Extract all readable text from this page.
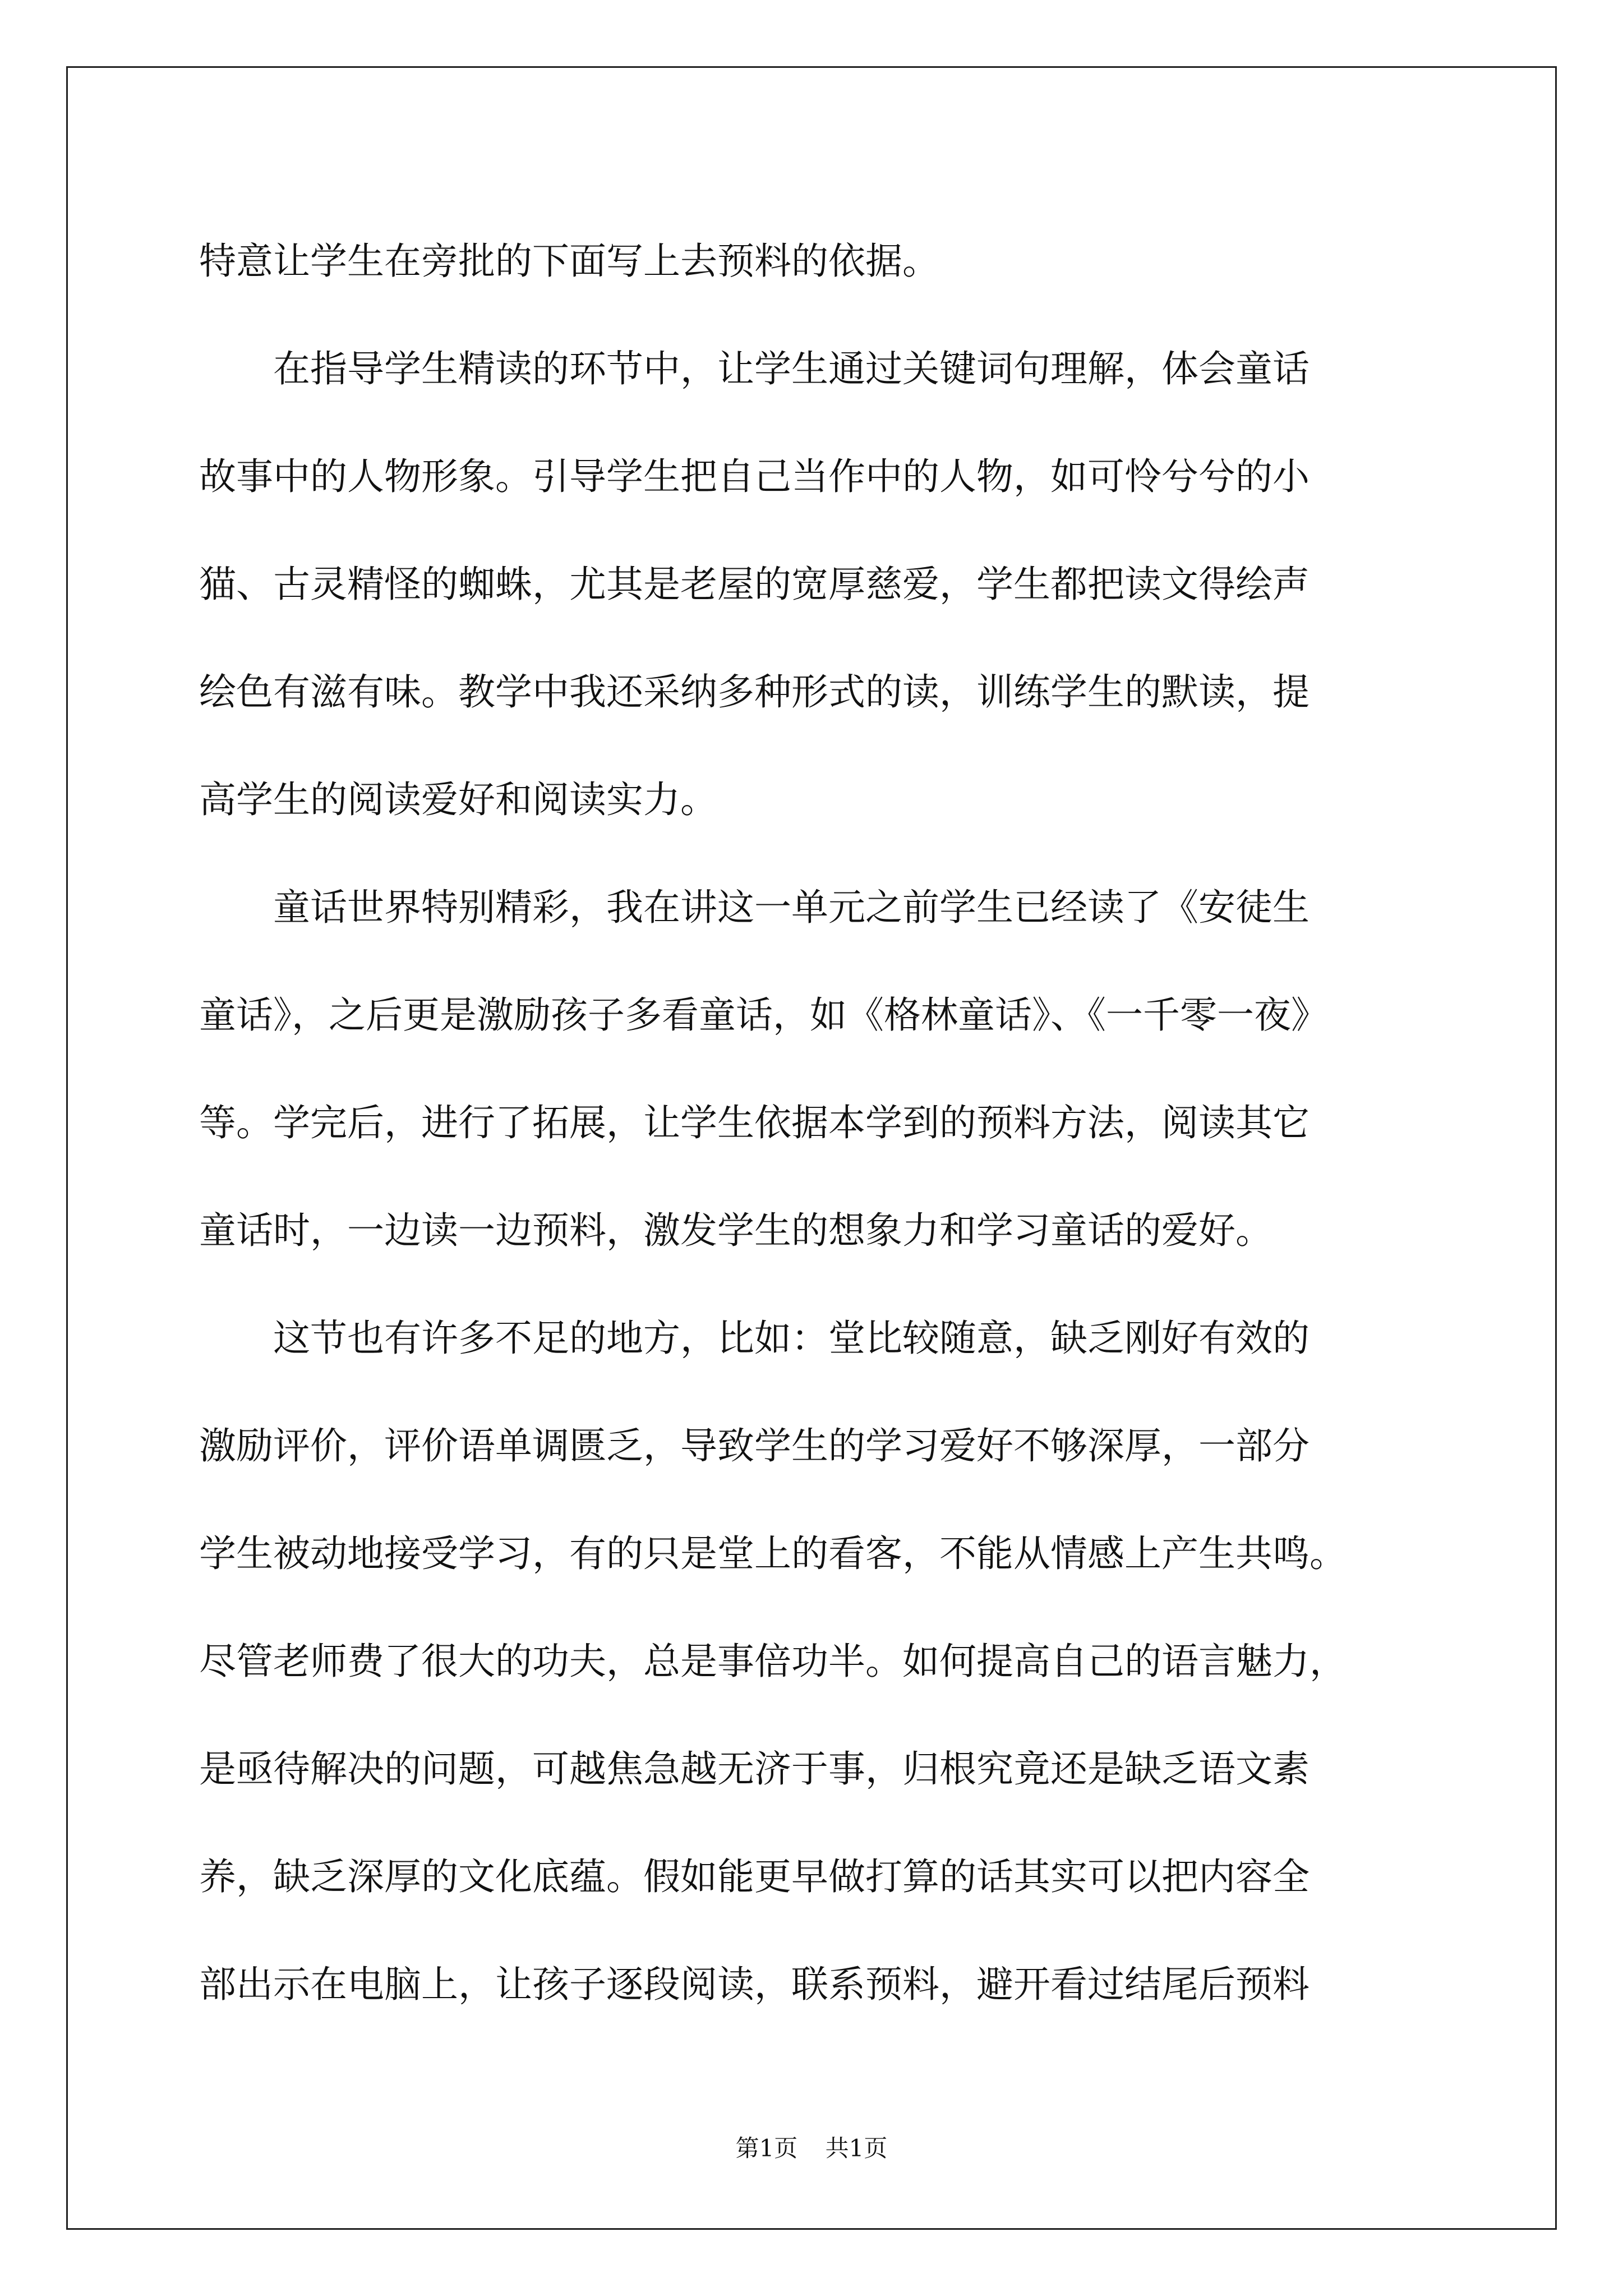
特意让学生在旁批的下面写上去预料的依据。
　　在指导学生精读的环节中，让学生通过关键词句理解，体会童话
故事中的人物形象。引导学生把自己当作中的人物，如可怜兮兮的小
猫、古灵精怪的蜘蛛，尤其是老屋的宽厚慈爱，学生都把读文得绘声
绘色有滋有味。教学中我还采纳多种形式的读，训练学生的默读，提
高学生的阅读爱好和阅读实力。
　　童话世界特别精彩，我在讲这一单元之前学生已经读了《安徒生
童话》，之后更是激励孩子多看童话，如《格林童话》、《一千零一夜》
等。学完后，进行了拓展，让学生依据本学到的预料方法，阅读其它
童话时，一边读一边预料，激发学生的想象力和学习童话的爱好。
　　这节也有许多不足的地方，比如：堂比较随意，缺乏刚好有效的
激励评价，评价语单调匮乏，导致学生的学习爱好不够深厚，一部分
学生被动地接受学习，有的只是堂上的看客，不能从情感上产生共鸣。
尽管老师费了很大的功夫，总是事倍功半。如何提高自己的语言魅力，
是亟待解决的问题，可越焦急越无济于事，归根究竟还是缺乏语文素
养，缺乏深厚的文化底蕴。假如能更早做打算的话其实可以把内容全
部出示在电脑上，让孩子逐段阅读，联系预料，避开看过结尾后预料
第1页 共1页
